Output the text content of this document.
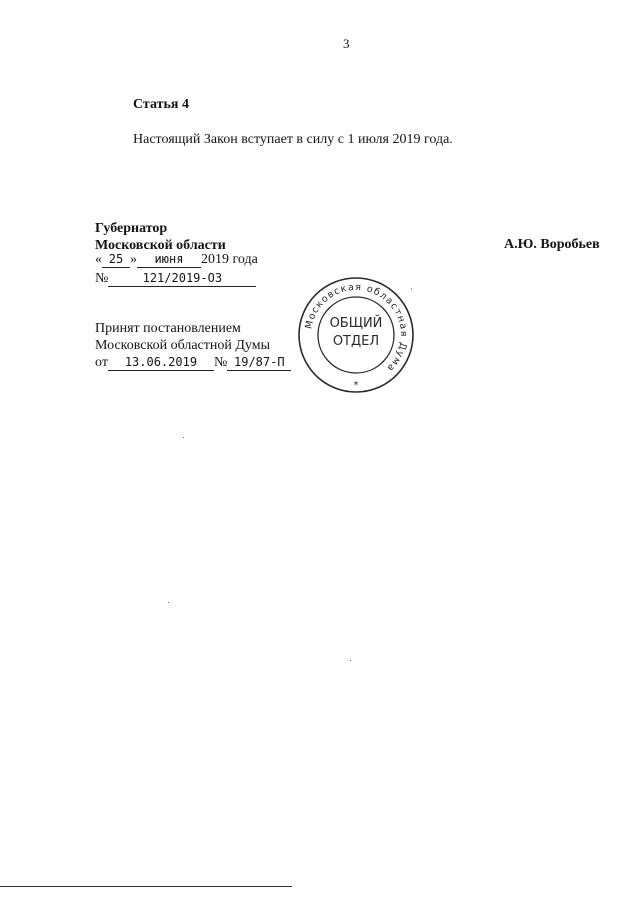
3
Статья 4
Настоящий Закон вступает в силу с 1 июля 2019 года.
Губернатор
Московской области	А.Ю. Воробьев
« 25 » июня 2019 года
№	121/2019-ОЗ
Принят постановлением
Московской областной Думы
от 13.06.2019 № 19/87-П
Московская областная Дума
ОБЩИЙ
ОТДЕЛ
*
